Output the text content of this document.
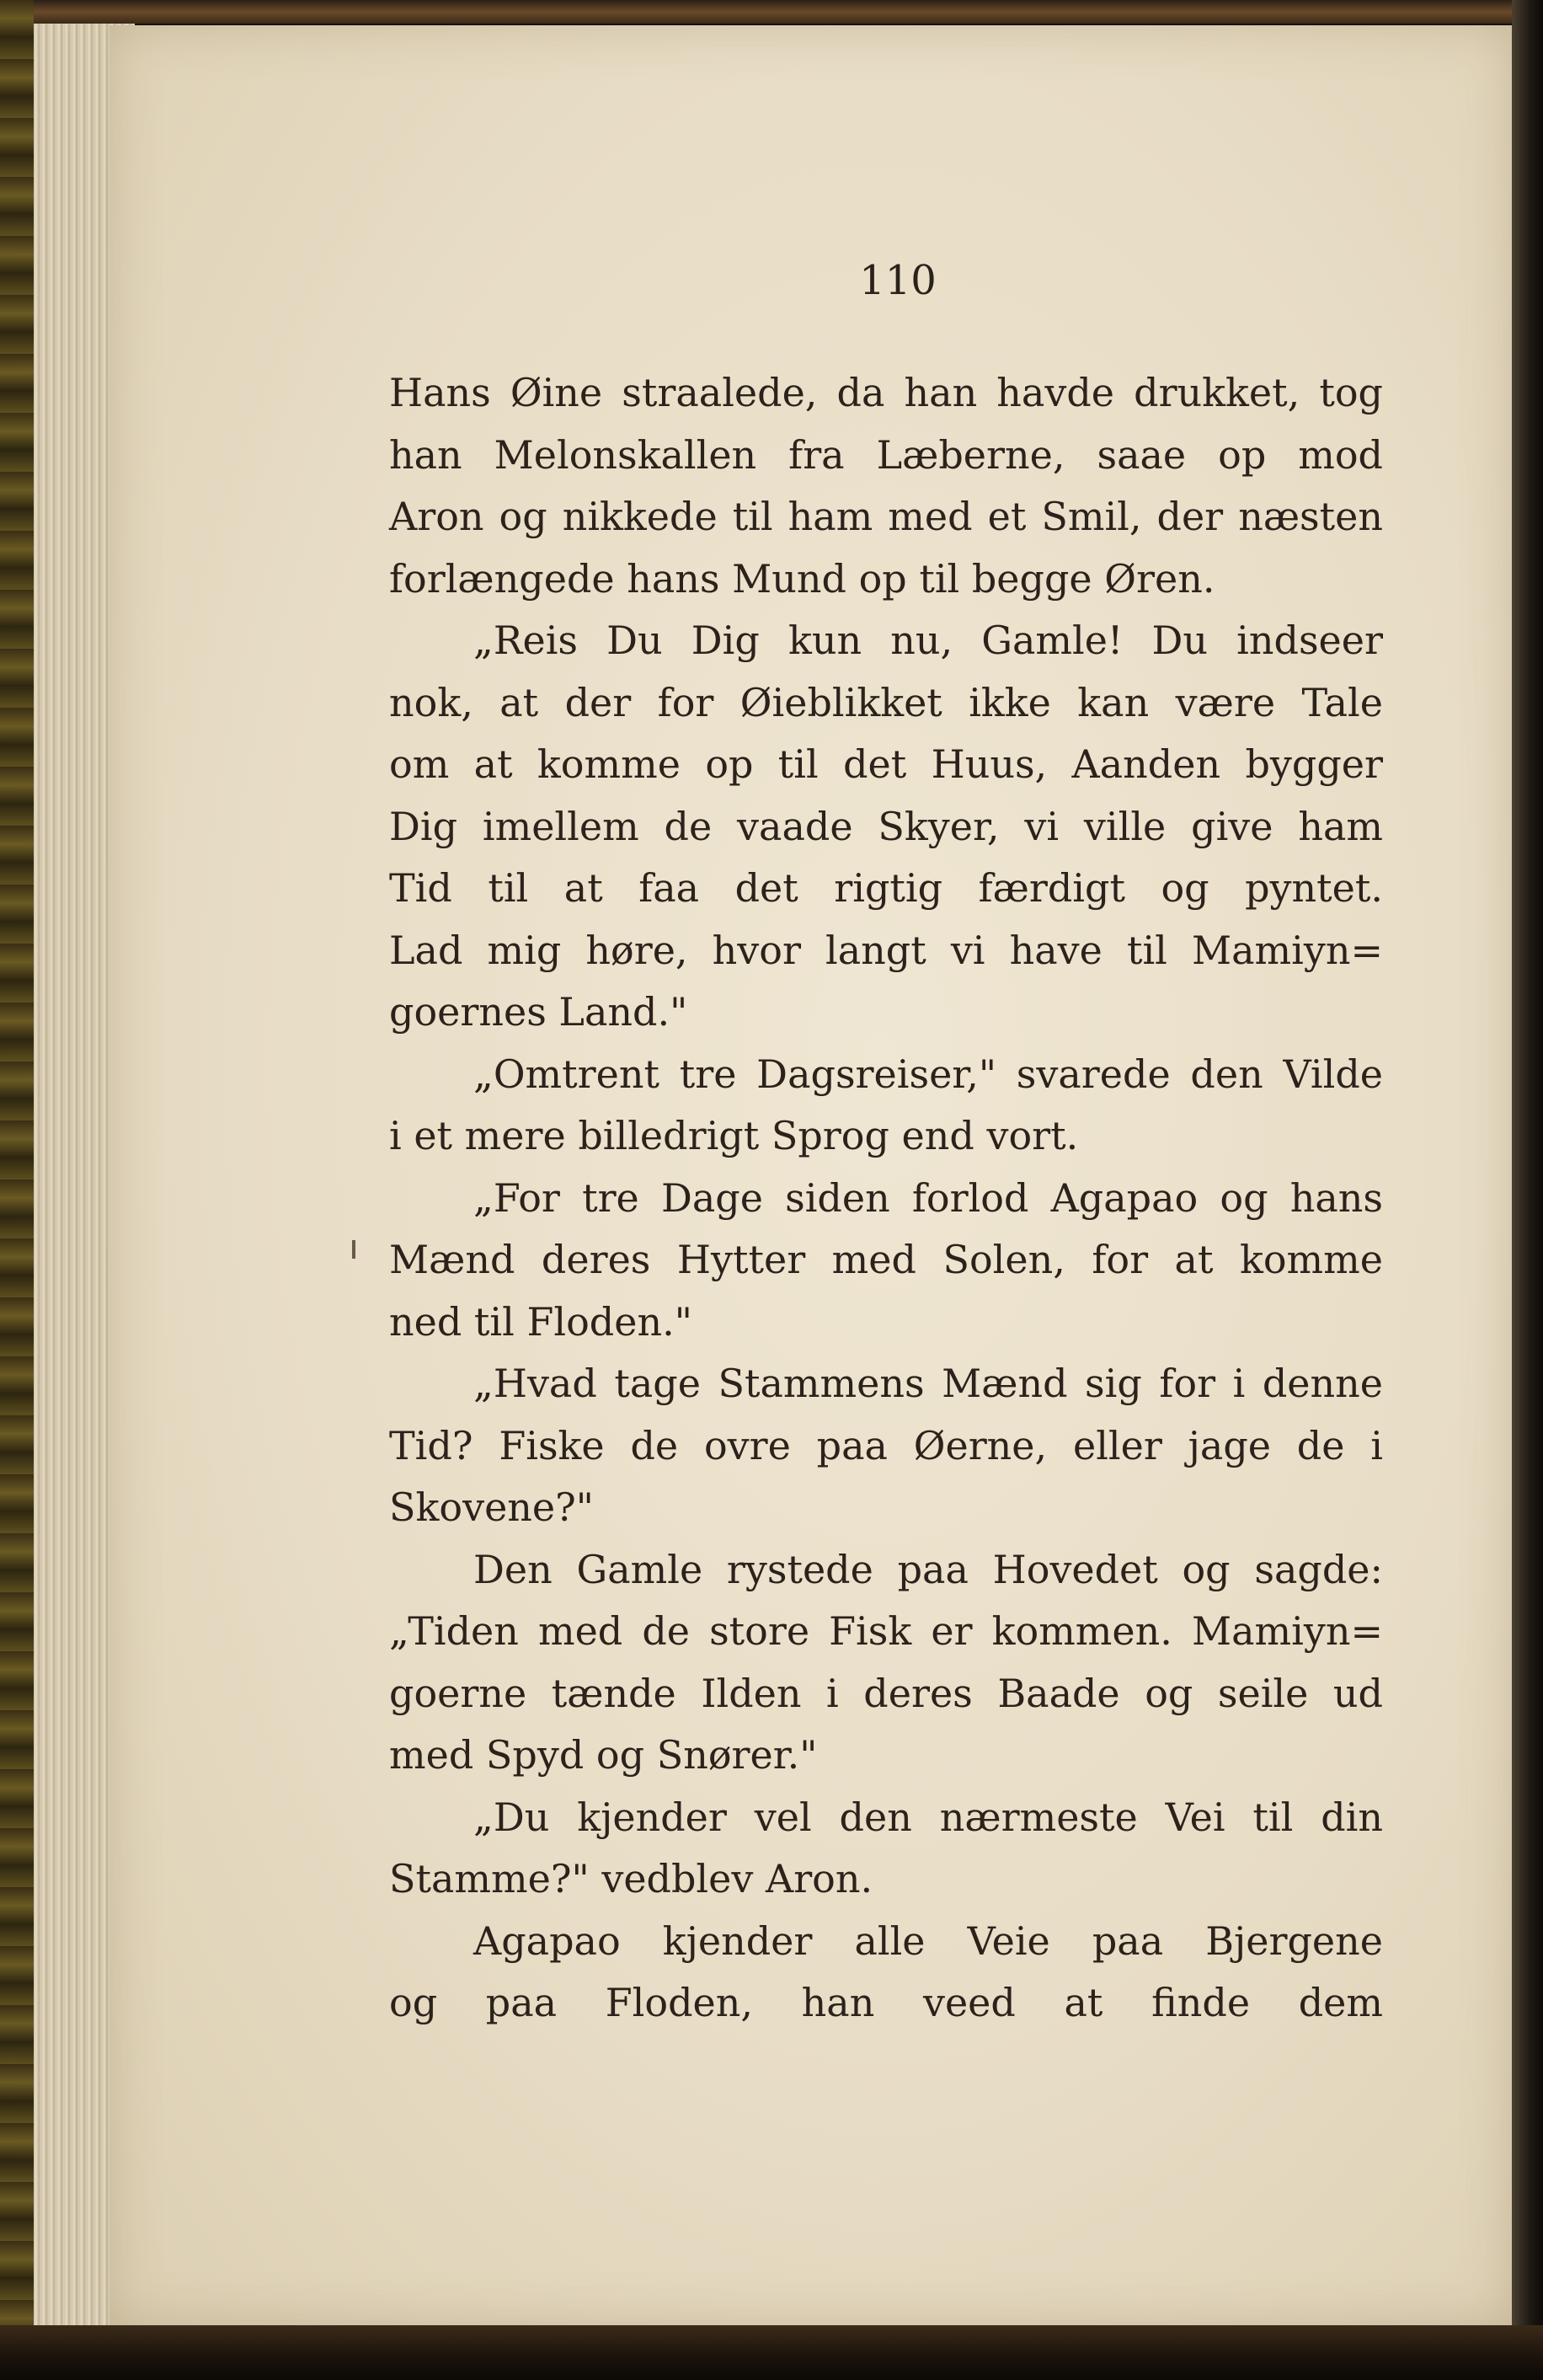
110
Hans Øine straalede, da han havde drukket, tog
han Melonskallen fra Læberne, saae op mod
Aron og nikkede til ham med et Smil, der næsten
forlængede hans Mund op til begge Øren.
„Reis Du Dig kun nu, Gamle! Du indseer
nok, at der for Øieblikket ikke kan være Tale
om at komme op til det Huus, Aanden bygger
Dig imellem de vaade Skyer, vi ville give ham
Tid til at faa det rigtig færdigt og pyntet.
Lad mig høre, hvor langt vi have til Mamiyn=
goernes Land."
„Omtrent tre Dagsreiser," svarede den Vilde
i et mere billedrigt Sprog end vort.
„For tre Dage siden forlod Agapao og hans
Mænd deres Hytter med Solen, for at komme
ned til Floden."
„Hvad tage Stammens Mænd sig for i denne
Tid? Fiske de ovre paa Øerne, eller jage de i
Skovene?"
Den Gamle rystede paa Hovedet og sagde:
„Tiden med de store Fisk er kommen. Mamiyn=
goerne tænde Ilden i deres Baade og seile ud
med Spyd og Snører."
„Du kjender vel den nærmeste Vei til din
Stamme?" vedblev Aron.
Agapao kjender alle Veie paa Bjergene
og paa Floden, han veed at finde dem
